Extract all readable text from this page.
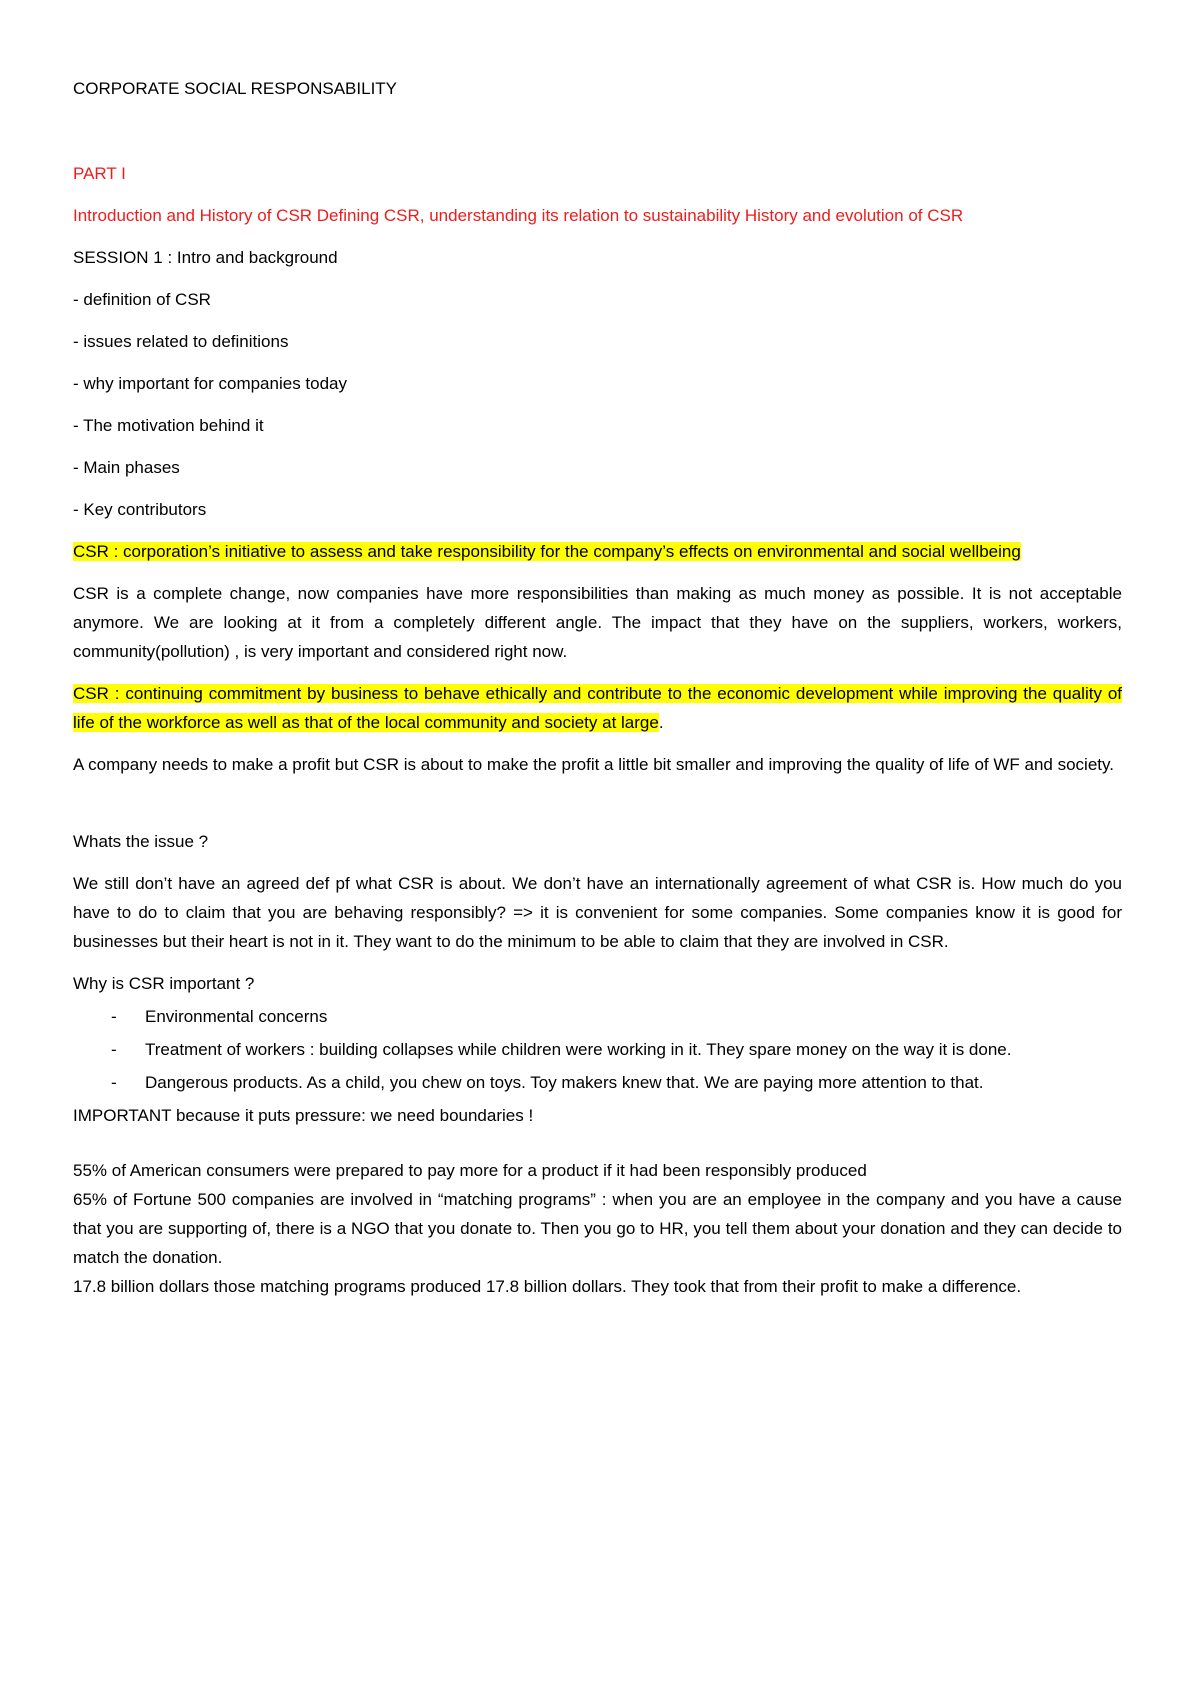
CORPORATE SOCIAL RESPONSABILITY

PART I

Introduction and History of CSR Defining CSR, understanding its relation to sustainability History and evolution of CSR

SESSION 1 : Intro and background

- definition of CSR

- issues related to definitions

- why important for companies today

- The motivation behind it

- Main phases

- Key contributors

CSR : corporation’s initiative to assess and take responsibility for the company’s effects on environmental and social wellbeing

CSR is a complete change, now companies have more responsibilities than making as much money as possible. It is not acceptable anymore. We are looking at it from a completely different angle. The impact that they have on the suppliers, workers, workers, community(pollution) , is very important and considered right now.

CSR : continuing commitment by business to behave ethically and contribute to the economic development while improving the quality of life of the workforce as well as that of the local community and society at large.

A company needs to make a profit but CSR is about to make the profit a little bit smaller and improving the quality of life of WF and society.

Whats the issue ?

We still don’t have an agreed def pf what CSR is about. We don’t have an internationally agreement of what CSR is. How much do you have to do to claim that you are behaving responsibly? => it is convenient for some companies. Some companies know it is good for businesses but their heart is not in it. They want to do the minimum to be able to claim that they are involved in CSR.

Why is CSR important ?

- Environmental concerns
- Treatment of workers : building collapses while children were working in it. They spare money on the way it is done.
- Dangerous products. As a child, you chew on toys. Toy makers knew that. We are paying more attention to that.

IMPORTANT because it puts pressure: we need boundaries !

55% of American consumers were prepared to pay more for a product if it had been responsibly produced

65% of Fortune 500 companies are involved in “matching programs” : when you are an employee in the company and you have a cause that you are supporting of, there is a NGO that you donate to. Then you go to HR, you tell them about your donation and they can decide to match the donation.

17.8 billion dollars those matching programs produced 17.8 billion dollars. They took that from their profit to make a difference.
